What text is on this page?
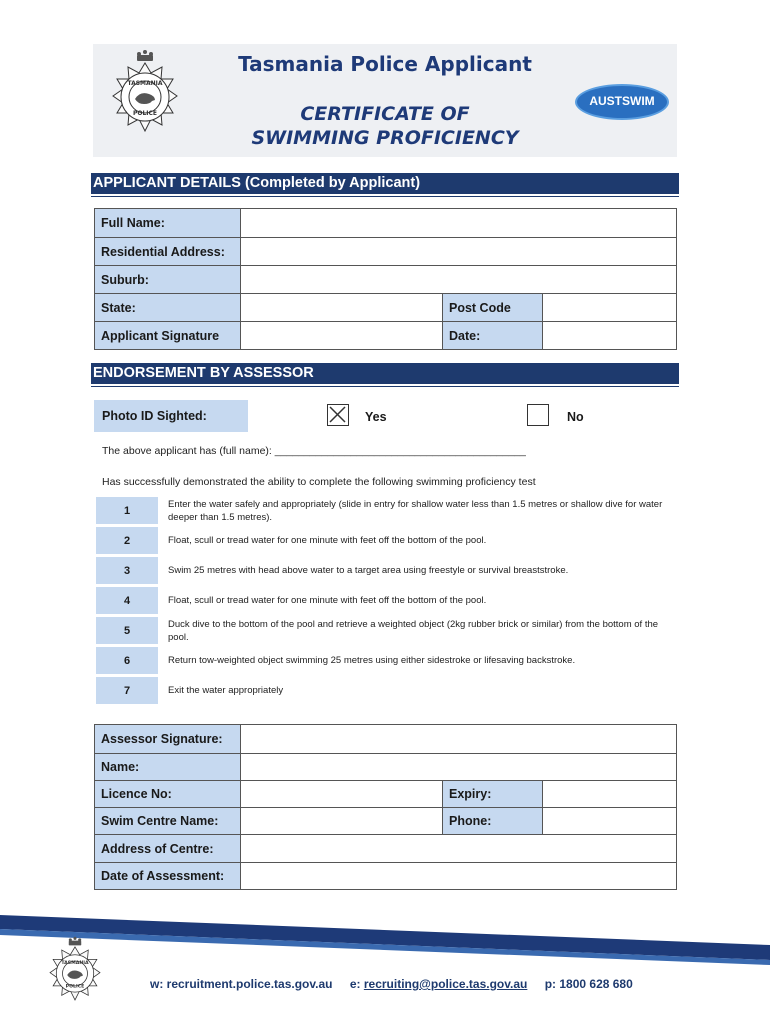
TASMANIA
POLICE
Tasmania Police Applicant
CERTIFICATE OF
SWIMMING PROFICIENCY
AUSTSWIM
APPLICANT DETAILS (Completed by Applicant)
Full Name:
Residential Address:
Suburb:
State:	Post Code
Applicant Signature	Date:
ENDORSEMENT BY ASSESSOR
Photo ID Sighted:	Yes	No
The above applicant has (full name): ___________________________________________
Has successfully demonstrated the ability to complete the following swimming proficiency test
1
Enter the water safely and appropriately (slide in entry for shallow water less than 1.5 metres or shallow dive for water deeper than 1.5 metres).
2	Float, scull or tread water for one minute with feet off the bottom of the pool.
3	Swim 25 metres with head above water to a target area using freestyle or survival breaststroke.
4	Float, scull or tread water for one minute with feet off the bottom of the pool.
5
Duck dive to the bottom of the pool and retrieve a weighted object (2kg rubber brick or similar) from the bottom of the pool.
6	Return tow-weighted object swimming 25 metres using either sidestroke or lifesaving backstroke.
7	Exit the water appropriately
Assessor Signature:
Name:
Licence No:	Expiry:
Swim Centre Name:	Phone:
Address of Centre:
Date of Assessment:
TASMANIA
POLICE	w: recruitment.police.tas.gov.au e: recruiting@police.tas.gov.au p: 1800 628 680
